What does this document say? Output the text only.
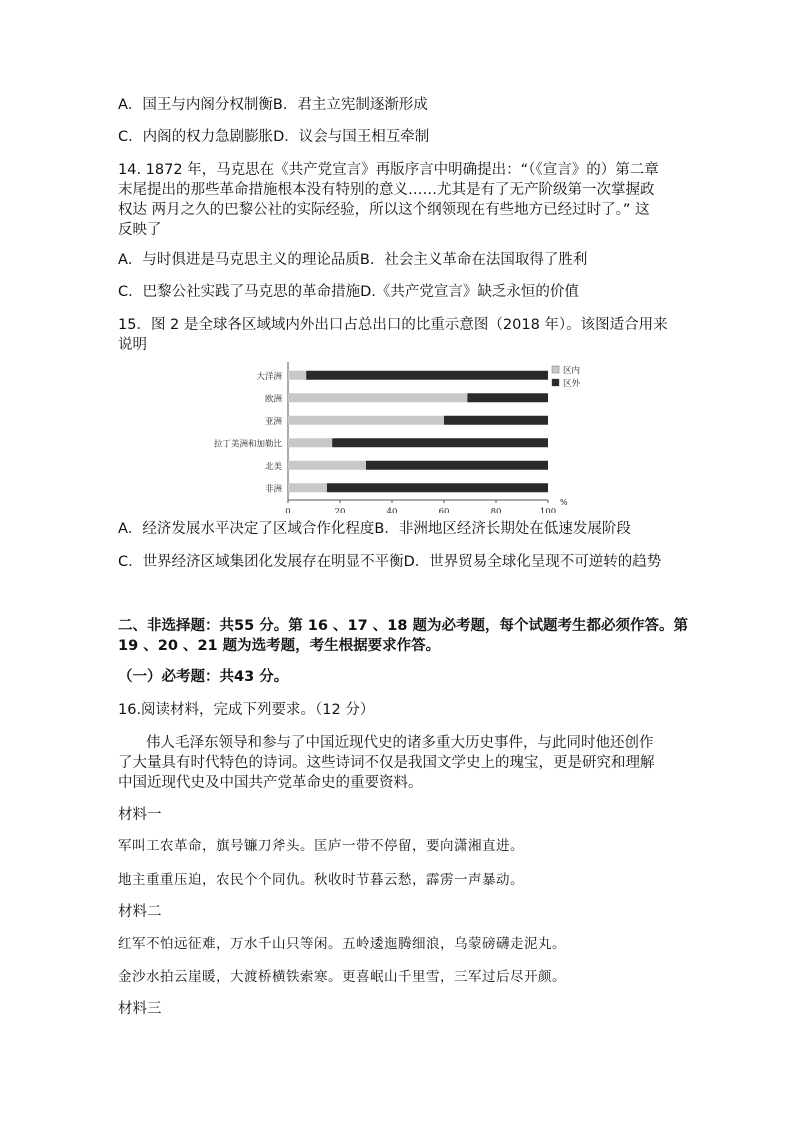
A．国王与内阁分权制衡B．君主立宪制逐渐形成
C．内阁的权力急剧膨胀D．议会与国王相互牵制
14. 1872 年，马克思在《共产党宣言》再版序言中明确提出：“（《宣言》的）第二章
末尾提出的那些革命措施根本没有特别的意义……尤其是有了无产阶级第一次掌握政
权达 两月之久的巴黎公社的实际经验，所以这个纲领现在有些地方已经过时了。” 这
反映了
A．与时俱进是马克思主义的理论品质B．社会主义革命在法国取得了胜利
C．巴黎公社实践了马克思的革命措施D.《共产党宣言》缺乏永恒的价值
15．图 2 是全球各区域域内外出口占总出口的比重示意图（2018 年）。该图适合用来
说明
大洋洲
欧洲
亚洲
拉丁美洲和加勒比
北美
非洲
0	20	40	60	80	100
%
区内
区外
A．经济发展水平决定了区域合作化程度B．非洲地区经济长期处在低速发展阶段
C．世界经济区域集团化发展存在明显不平衡D．世界贸易全球化呈现不可逆转的趋势
二、非选择题：共55 分。第 16 、17 、18 题为必考题，每个试题考生都必须作答。第
19 、20 、21 题为选考题，考生根据要求作答。
（一）必考题：共43 分。
16.阅读材料，完成下列要求。（12 分）
伟人毛泽东领导和参与了中国近现代史的诸多重大历史事件，与此同时他还创作
了大量具有时代特色的诗词。这些诗词不仅是我国文学史上的瑰宝，更是研究和理解
中国近现代史及中国共产党革命史的重要资料。
材料一
军叫工农革命，旗号镰刀斧头。匡庐一带不停留，要向潇湘直进。
地主重重压迫，农民个个同仇。秋收时节暮云愁，霹雳一声暴动。
材料二
红军不怕远征难，万水千山只等闲。五岭逶迤腾细浪，乌蒙磅礴走泥丸。
金沙水拍云崖暖，大渡桥横铁索寒。更喜岷山千里雪，三军过后尽开颜。
材料三
